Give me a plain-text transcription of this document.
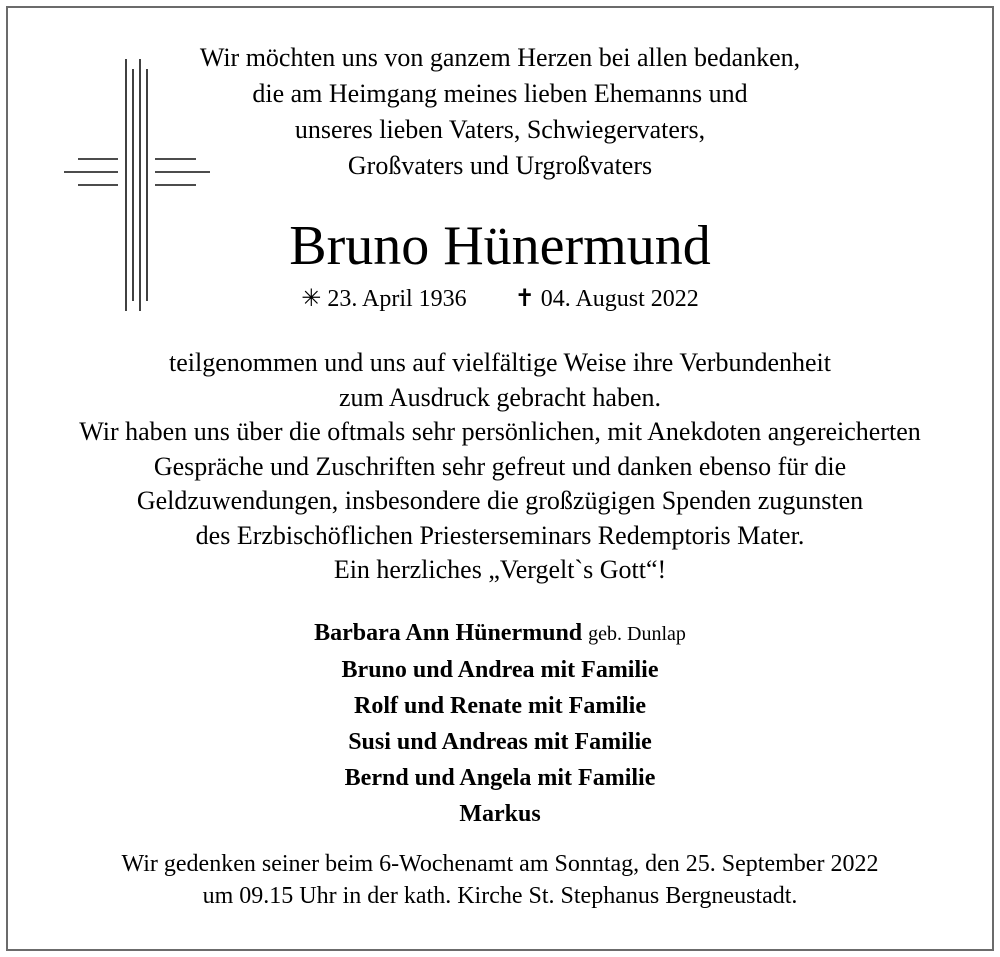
Wir möchten uns von ganzem Herzen bei allen bedanken,

die am Heimgang meines lieben Ehemanns und

unseres lieben Vaters, Schwiegervaters,

Großvaters und Urgroßvaters

Bruno Hünermund
✳ 23. April 1936 ✝ 04. August 2022

teilgenommen und uns auf vielfältige Weise ihre Verbundenheit

zum Ausdruck gebracht haben.

Wir haben uns über die oftmals sehr persönlichen, mit Anekdoten angereicherten

Gespräche und Zuschriften sehr gefreut und danken ebenso für die

Geldzuwendungen, insbesondere die großzügigen Spenden zugunsten

des Erzbischöflichen Priesterseminars Redemptoris Mater.

Ein herzliches „Vergelt`s Gott“!

Barbara Ann Hünermund geb. Dunlap

Bruno und Andrea mit Familie

Rolf und Renate mit Familie

Susi und Andreas mit Familie

Bernd und Angela mit Familie

Markus

Wir gedenken seiner beim 6-Wochenamt am Sonntag, den 25. September 2022

um 09.15 Uhr in der kath. Kirche St. Stephanus Bergneustadt.
